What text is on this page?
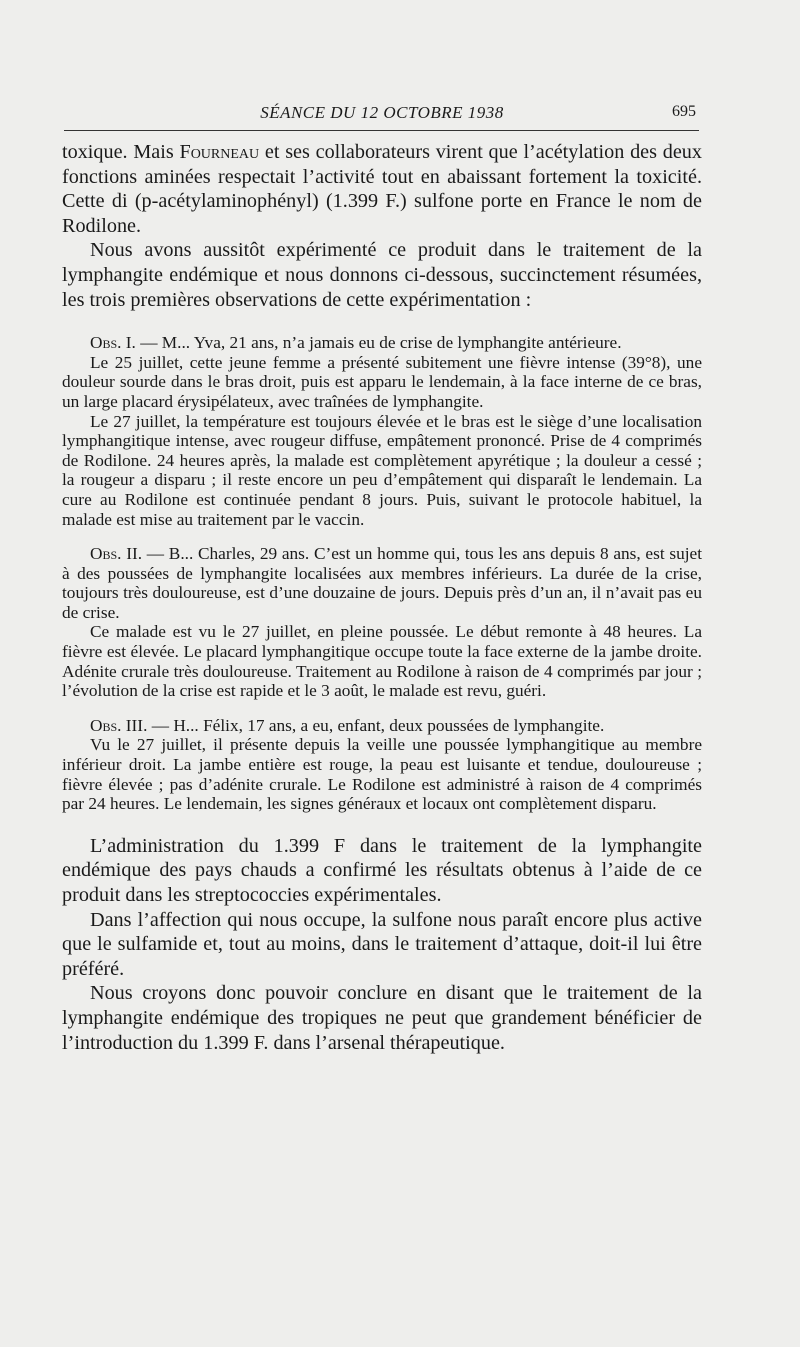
SÉANCE DU 12 OCTOBRE 1938	695

toxique. Mais Fourneau et ses collaborateurs virent que l’acétylation des deux fonctions aminées respectait l’activité tout en abaissant fortement la toxicité. Cette di (p-acétylaminophényl) (1.399 F.) sulfone porte en France le nom de Rodilone.

Nous avons aussitôt expérimenté ce produit dans le traitement de la lymphangite endémique et nous donnons ci-dessous, succinctement résumées, les trois premières observations de cette expérimentation :

Obs. I. — M... Yva, 21 ans, n’a jamais eu de crise de lymphangite antérieure.

Le 25 juillet, cette jeune femme a présenté subitement une fièvre intense (39°8), une douleur sourde dans le bras droit, puis est apparu le lendemain, à la face interne de ce bras, un large placard érysipélateux, avec traînées de lymphangite.

Le 27 juillet, la température est toujours élevée et le bras est le siège d’une localisation lymphangitique intense, avec rougeur diffuse, empâtement prononcé. Prise de 4 comprimés de Rodilone. 24 heures après, la malade est complètement apyrétique ; la douleur a cessé ; la rougeur a disparu ; il reste encore un peu d’empâtement qui disparaît le lendemain. La cure au Rodilone est continuée pendant 8 jours. Puis, suivant le protocole habituel, la malade est mise au traitement par le vaccin.

Obs. II. — B... Charles, 29 ans. C’est un homme qui, tous les ans depuis 8 ans, est sujet à des poussées de lymphangite localisées aux membres inférieurs. La durée de la crise, toujours très douloureuse, est d’une douzaine de jours. Depuis près d’un an, il n’avait pas eu de crise.

Ce malade est vu le 27 juillet, en pleine poussée. Le début remonte à 48 heures. La fièvre est élevée. Le placard lymphangitique occupe toute la face externe de la jambe droite. Adénite crurale très douloureuse. Traitement au Rodilone à raison de 4 comprimés par jour ; l’évolution de la crise est rapide et le 3 août, le malade est revu, guéri.

Obs. III. — H... Félix, 17 ans, a eu, enfant, deux poussées de lymphangite.

Vu le 27 juillet, il présente depuis la veille une poussée lymphangitique au membre inférieur droit. La jambe entière est rouge, la peau est luisante et tendue, douloureuse ; fièvre élevée ; pas d’adénite crurale. Le Rodilone est administré à raison de 4 comprimés par 24 heures. Le lendemain, les signes généraux et locaux ont complètement disparu.

L’administration du 1.399 F dans le traitement de la lymphangite endémique des pays chauds a confirmé les résultats obtenus à l’aide de ce produit dans les streptococcies expérimentales.

Dans l’affection qui nous occupe, la sulfone nous paraît encore plus active que le sulfamide et, tout au moins, dans le traitement d’attaque, doit-il lui être préféré.

Nous croyons donc pouvoir conclure en disant que le traitement de la lymphangite endémique des tropiques ne peut que grandement bénéficier de l’introduction du 1.399 F. dans l’arsenal thérapeutique.
